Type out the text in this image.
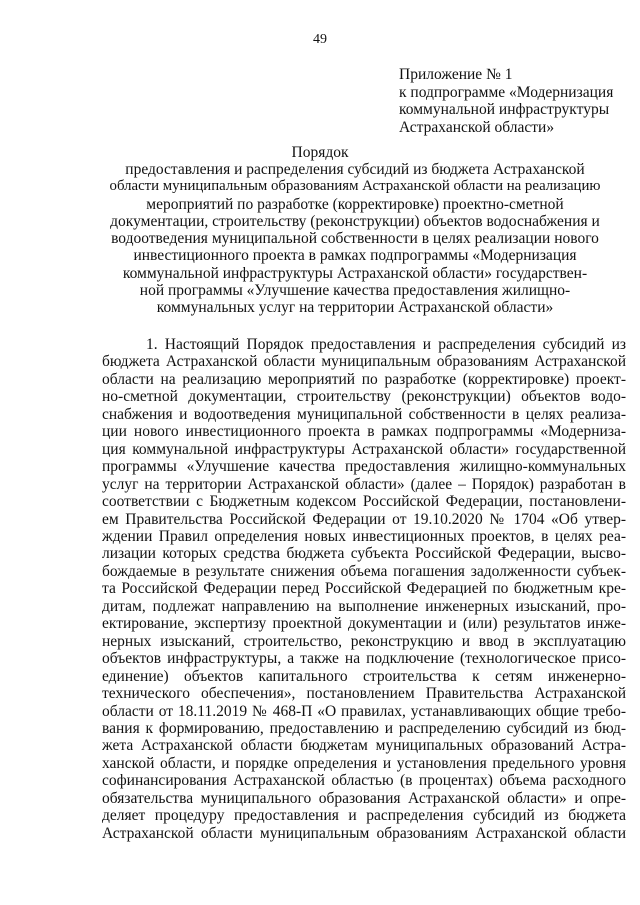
49
Приложение № 1
к подпрограмме «Модернизация
коммунальной инфраструктуры
Астраханской области»
Порядок
предоставления и распределения субсидий из бюджета Астраханской
области муниципальным образованиям Астраханской области на реализацию
мероприятий по разработке (корректировке) проектно-сметной
документации, строительству (реконструкции) объектов водоснабжения и
водоотведения муниципальной собственности в целях реализации нового
инвестиционного проекта в рамках подпрограммы «Модернизация
коммунальной инфраструктуры Астраханской области» государствен-
ной программы «Улучшение качества предоставления жилищно-
коммунальных услуг на территории Астраханской области»
1. Настоящий Порядок предоставления и распределения субсидий из
бюджета Астраханской области муниципальным образованиям Астраханской
области на реализацию мероприятий по разработке (корректировке) проект-
но-сметной документации, строительству (реконструкции) объектов водо-
снабжения и водоотведения муниципальной собственности в целях реализа-
ции нового инвестиционного проекта в рамках подпрограммы «Модерниза-
ция коммунальной инфраструктуры Астраханской области» государственной
программы «Улучшение качества предоставления жилищно-коммунальных
услуг на территории Астраханской области» (далее – Порядок) разработан в
соответствии с Бюджетным кодексом Российской Федерации, постановлени-
ем Правительства Российской Федерации от 19.10.2020 № 1704 «Об утвер-
ждении Правил определения новых инвестиционных проектов, в целях реа-
лизации которых средства бюджета субъекта Российской Федерации, высво-
бождаемые в результате снижения объема погашения задолженности субъек-
та Российской Федерации перед Российской Федерацией по бюджетным кре-
дитам, подлежат направлению на выполнение инженерных изысканий, про-
ектирование, экспертизу проектной документации и (или) результатов инже-
нерных изысканий, строительство, реконструкцию и ввод в эксплуатацию
объектов инфраструктуры, а также на подключение (технологическое присо-
единение) объектов капитального строительства к сетям инженерно-
технического обеспечения», постановлением Правительства Астраханской
области от 18.11.2019 № 468-П «О правилах, устанавливающих общие требо-
вания к формированию, предоставлению и распределению субсидий из бюд-
жета Астраханской области бюджетам муниципальных образований Астра-
ханской области, и порядке определения и установления предельного уровня
софинансирования Астраханской областью (в процентах) объема расходного
обязательства муниципального образования Астраханской области» и опре-
деляет процедуру предоставления и распределения субсидий из бюджета
Астраханской области муниципальным образованиям Астраханской области
